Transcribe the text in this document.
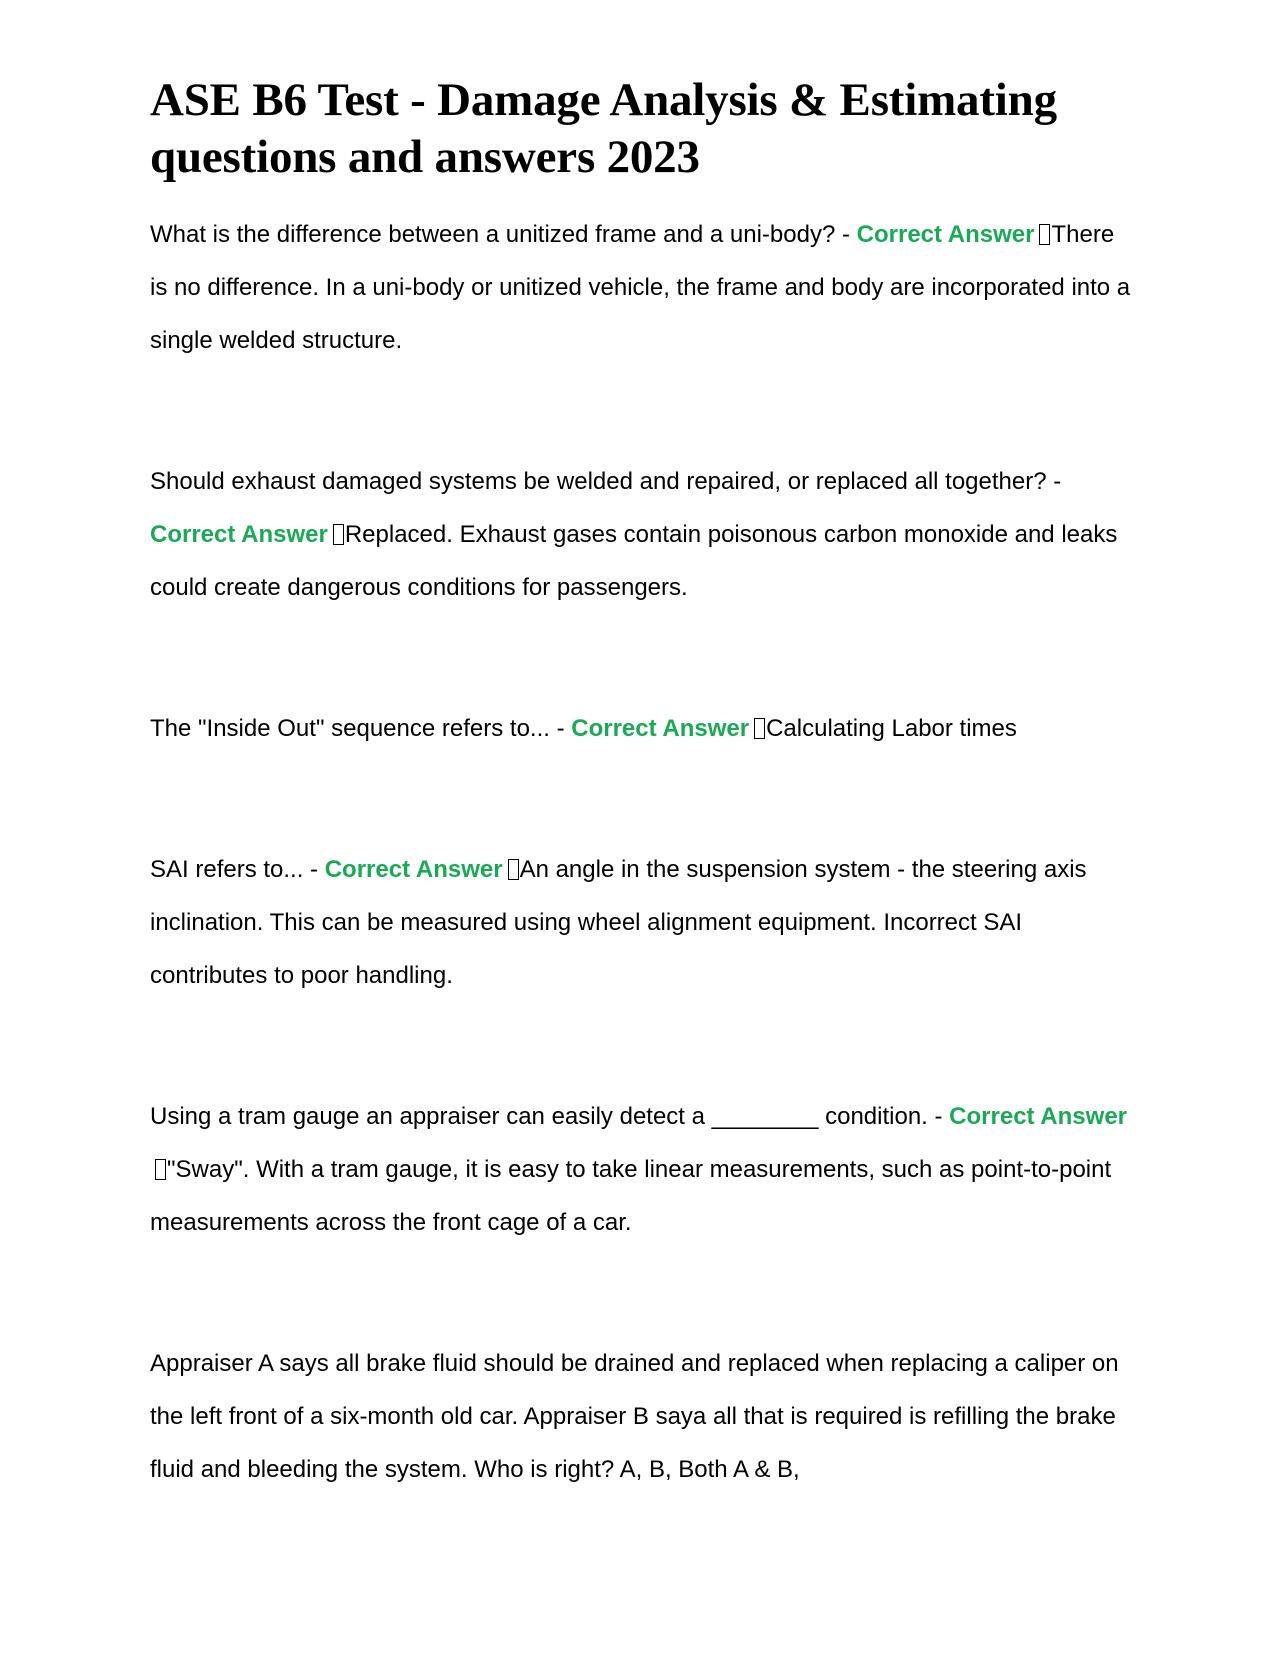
ASE B6 Test - Damage Analysis & Estimating questions and answers 2023

What is the difference between a unitized frame and a uni-body? - Correct Answer There is no difference. In a uni-body or unitized vehicle, the frame and body are incorporated into a single welded structure.

Should exhaust damaged systems be welded and repaired, or replaced all together? - Correct Answer Replaced. Exhaust gases contain poisonous carbon monoxide and leaks could create dangerous conditions for passengers.

The "Inside Out" sequence refers to... - Correct Answer Calculating Labor times

SAI refers to... - Correct Answer An angle in the suspension system - the steering axis inclination. This can be measured using wheel alignment equipment. Incorrect SAI contributes to poor handling.

Using a tram gauge an appraiser can easily detect a ________ condition. - Correct Answer"Sway". With a tram gauge, it is easy to take linear measurements, such as point-to-point measurements across the front cage of a car.

Appraiser A says all brake fluid should be drained and replaced when replacing a caliper on the left front of a six-month old car. Appraiser B saya all that is required is refilling the brake fluid and bleeding the system. Who is right? A, B, Both A & B,
